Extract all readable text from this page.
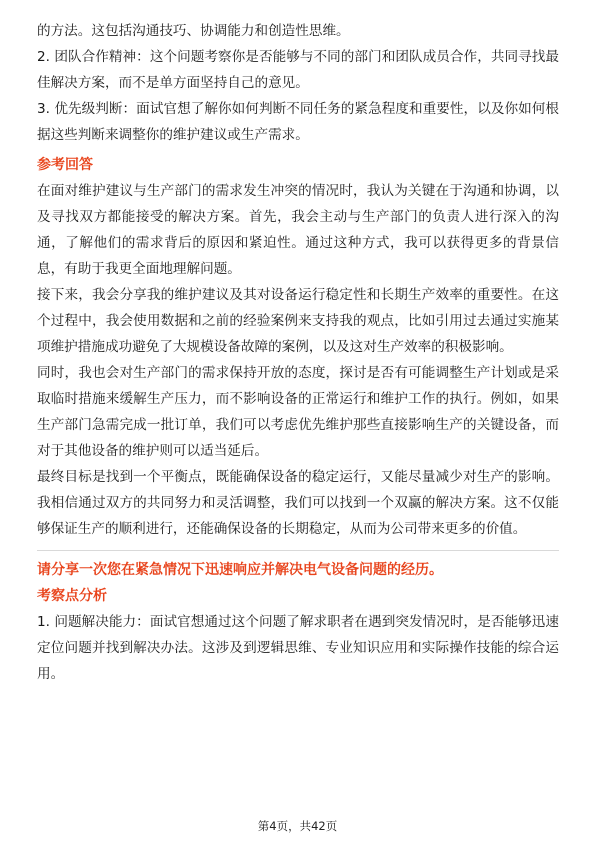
的方法。这包括沟通技巧、协调能力和创造性思维。

2. 团队合作精神：这个问题考察你是否能够与不同的部门和团队成员合作，共同寻找最佳解决方案，而不是单方面坚持自己的意见。

3. 优先级判断：面试官想了解你如何判断不同任务的紧急程度和重要性，以及你如何根据这些判断来调整你的维护建议或生产需求。

参考回答

在面对维护建议与生产部门的需求发生冲突的情况时，我认为关键在于沟通和协调，以及寻找双方都能接受的解决方案。首先，我会主动与生产部门的负责人进行深入的沟通，了解他们的需求背后的原因和紧迫性。通过这种方式，我可以获得更多的背景信息，有助于我更全面地理解问题。

接下来，我会分享我的维护建议及其对设备运行稳定性和长期生产效率的重要性。在这个过程中，我会使用数据和之前的经验案例来支持我的观点，比如引用过去通过实施某项维护措施成功避免了大规模设备故障的案例，以及这对生产效率的积极影响。

同时，我也会对生产部门的需求保持开放的态度，探讨是否有可能调整生产计划或是采取临时措施来缓解生产压力，而不影响设备的正常运行和维护工作的执行。例如，如果生产部门急需完成一批订单，我们可以考虑优先维护那些直接影响生产的关键设备，而对于其他设备的维护则可以适当延后。

最终目标是找到一个平衡点，既能确保设备的稳定运行，又能尽量减少对生产的影响。我相信通过双方的共同努力和灵活调整，我们可以找到一个双赢的解决方案。这不仅能够保证生产的顺利进行，还能确保设备的长期稳定，从而为公司带来更多的价值。

请分享一次您在紧急情况下迅速响应并解决电气设备问题的经历。

考察点分析

1. 问题解决能力：面试官想通过这个问题了解求职者在遇到突发情况时，是否能够迅速定位问题并找到解决办法。这涉及到逻辑思维、专业知识应用和实际操作技能的综合运用。

第4页，共42页
